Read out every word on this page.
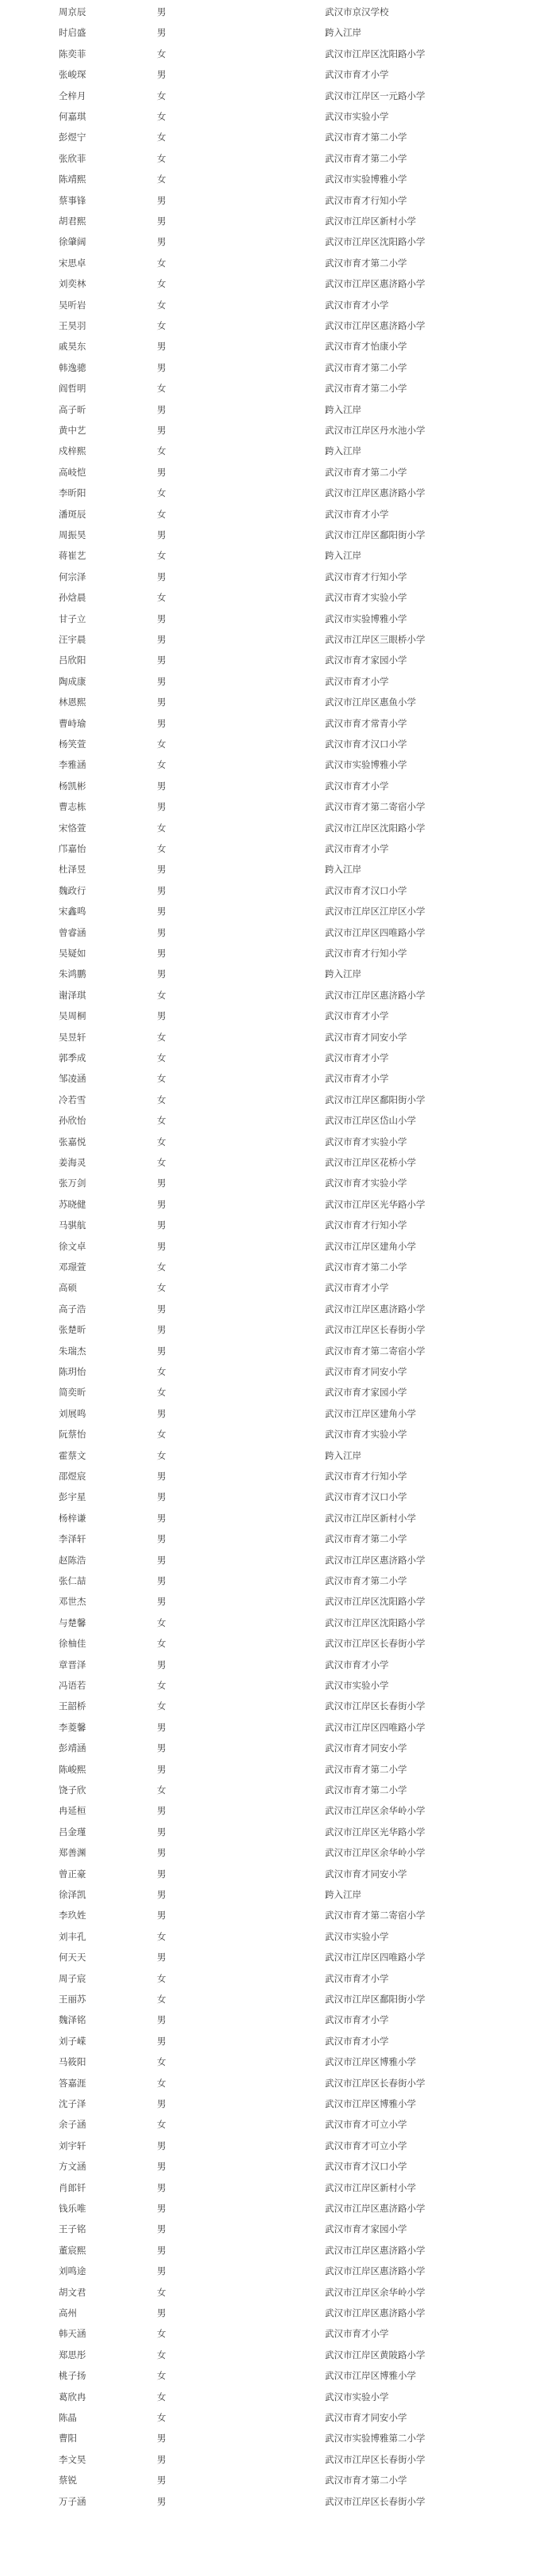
周京辰	男	武汉市京汉学校
时启盛	男	跨入江岸
陈奕菲	女	武汉市江岸区沈阳路小学
张峻琛	男	武汉市育才小学
仝梓月	女	武汉市江岸区一元路小学
何嘉琪	女	武汉市实验小学
彭煜宁	女	武汉市育才第二小学
张欣菲	女	武汉市育才第二小学
陈靖熙	女	武汉市实验博雅小学
蔡事锋	男	武汉市育才行知小学
胡君熙	男	武汉市江岸区新村小学
徐肇阔	男	武汉市江岸区沈阳路小学
宋思卓	女	武汉市育才第二小学
刘奕林	女	武汉市江岸区惠济路小学
吴听岩	女	武汉市育才小学
王昊羽	女	武汉市江岸区惠济路小学
戚昊东	男	武汉市育才怡康小学
韩逸骢	男	武汉市育才第二小学
阎哲明	女	武汉市育才第二小学
高子昕	男	跨入江岸
黄中艺	男	武汉市江岸区丹水池小学
戍梓熙	女	跨入江岸
高岐恺	男	武汉市育才第二小学
李昕阳	女	武汉市江岸区惠济路小学
潘斑辰	女	武汉市育才小学
周振昊	男	武汉市江岸区鄱阳街小学
蒋崔艺	女	跨入江岸
何宗泽	男	武汉市育才行知小学
孙焓晨	女	武汉市育才实验小学
甘子立	男	武汉市实验博雅小学
汪宇晨	男	武汉市江岸区三眼桥小学
吕欣阳	男	武汉市育才家园小学
陶成康	男	武汉市育才小学
林恩熙	男	武汉市江岸区惠鱼小学
曹峙瑜	男	武汉市育才常青小学
杨笑萱	女	武汉市育才汉口小学
李雅涵	女	武汉市实验博雅小学
杨凯彬	男	武汉市育才小学
曹志栋	男	武汉市育才第二寄宿小学
宋恪萱	女	武汉市江岸区沈阳路小学
邝嘉怡	女	武汉市育才小学
杜泽昱	男	跨入江岸
魏政行	男	武汉市育才汉口小学
宋鑫鸣	男	武汉市江岸区江岸区小学
曾睿涵	男	武汉市江岸区四唯路小学
吴疑如	男	武汉市育才行知小学
朱鸿鹏	男	跨入江岸
谢泽琪	女	武汉市江岸区惠济路小学
吴周桐	男	武汉市育才小学
吴昱轩	女	武汉市育才同安小学
郭季成	女	武汉市育才小学
邹凌涵	女	武汉市育才小学
冷若雪	女	武汉市江岸区鄱阳街小学
孙欣怡	女	武汉市江岸区岱山小学
张嘉悦	女	武汉市育才实验小学
姜海灵	女	武汉市江岸区花桥小学
张万剑	男	武汉市育才实验小学
苏晓健	男	武汉市江岸区光华路小学
马骐航	男	武汉市育才行知小学
徐文卓	男	武汉市江岸区建角小学
邓璟萱	女	武汉市育才第二小学
高硕	女	武汉市育才小学
高子浩	男	武汉市江岸区惠济路小学
张楚昕	男	武汉市江岸区长春街小学
朱瑞杰	男	武汉市育才第二寄宿小学
陈玥怡	女	武汉市育才同安小学
简奕昕	女	武汉市育才家园小学
刘展鸣	男	武汉市江岸区建角小学
阮蔡怡	女	武汉市育才实验小学
霍蔡文	女	跨入江岸
邵煜宸	男	武汉市育才行知小学
彭宇星	男	武汉市育才汉口小学
杨梓谦	男	武汉市江岸区新村小学
李泽轩	男	武汉市育才第二小学
赵陈浩	男	武汉市江岸区惠济路小学
张仁喆	男	武汉市育才第二小学
邓世杰	男	武汉市江岸区沈阳路小学
与楚馨	女	武汉市江岸区沈阳路小学
徐柚佳	女	武汉市江岸区长春街小学
章晋泽	男	武汉市育才小学
冯语若	女	武汉市实验小学
王韶桥	女	武汉市江岸区长春街小学
李菱馨	男	武汉市江岸区四唯路小学
彭靖涵	男	武汉市育才同安小学
陈峻熙	男	武汉市育才第二小学
饶子欣	女	武汉市育才第二小学
冉延桓	男	武汉市江岸区余华岭小学
吕金瑾	男	武汉市江岸区光华路小学
郑善渊	男	武汉市江岸区余华岭小学
曾正豪	男	武汉市育才同安小学
徐泽凯	男	跨入江岸
李玖姓	男	武汉市育才第二寄宿小学
刘丰孔	女	武汉市实验小学
何天天	男	武汉市江岸区四唯路小学
周子宸	女	武汉市育才小学
王丽苏	女	武汉市江岸区鄱阳街小学
魏泽铭	男	武汉市育才小学
刘子嵘	男	武汉市育才小学
马筱阳	女	武汉市江岸区博雅小学
答嘉涯	女	武汉市江岸区长春街小学
沈子泽	男	武汉市江岸区博雅小学
余子涵	女	武汉市育才可立小学
刘宇轩	男	武汉市育才可立小学
方文涵	男	武汉市育才汉口小学
肖郎钎	男	武汉市江岸区新村小学
钱乐唯	男	武汉市江岸区惠济路小学
王子铭	男	武汉市育才家园小学
董宸熙	男	武汉市江岸区惠济路小学
刘鸣途	男	武汉市江岸区惠济路小学
胡文君	女	武汉市江岸区余华岭小学
高州	男	武汉市江岸区惠济路小学
韩天涵	女	武汉市育才小学
郑思彤	女	武汉市江岸区黄陂路小学
桃子扬	女	武汉市江岸区博雅小学
葛欣冉	女	武汉市实验小学
陈晶	女	武汉市育才同安小学
曹阳	男	武汉市实验博雅第二小学
李文昊	男	武汉市江岸区长春街小学
蔡锐	男	武汉市育才第二小学
万子涵	男	武汉市江岸区长春街小学
